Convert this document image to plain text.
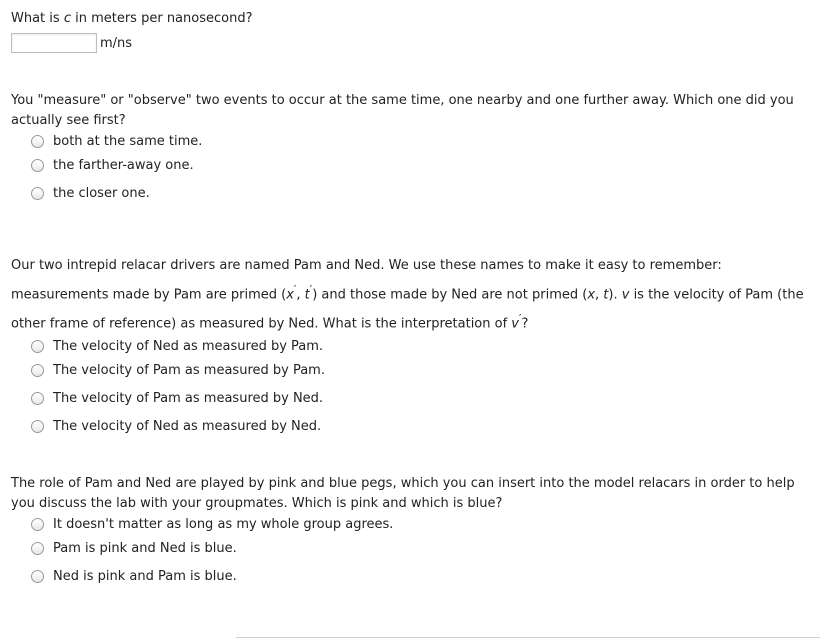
What is c in meters per nanosecond?

m/ns

You "measure" or "observe" two events to occur at the same time, one nearby and one further away. Which one did you actually see first?

both at the same time.
the farther-away one.
the closer one.

Our two intrepid relacar drivers are named Pam and Ned. We use these names to make it easy to remember: measurements made by Pam are primed (x′, t′) and those made by Ned are not primed (x, t). v is the velocity of Pam (the other frame of reference) as measured by Ned. What is the interpretation of v′?

The velocity of Ned as measured by Pam.
The velocity of Pam as measured by Pam.
The velocity of Pam as measured by Ned.
The velocity of Ned as measured by Ned.

The role of Pam and Ned are played by pink and blue pegs, which you can insert into the model relacars in order to help you discuss the lab with your groupmates. Which is pink and which is blue?

It doesn't matter as long as my whole group agrees.
Pam is pink and Ned is blue.
Ned is pink and Pam is blue.
